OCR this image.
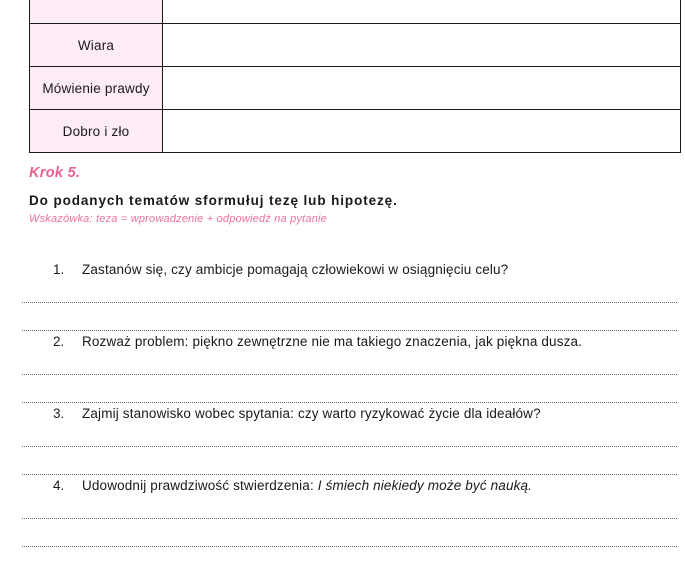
Wiara	
Mówienie prawdy	
Dobro i zło	
Krok 5.
Do podanych tematów sformułuj tezę lub hipotezę.
Wskazówka: teza = wprowadzenie + odpowiedź na pytanie
1.	Zastanów się, czy ambicje pomagają człowiekowi w osiągnięciu celu?
2.	Rozważ problem: piękno zewnętrzne nie ma takiego znaczenia, jak piękna dusza.
3.	Zajmij stanowisko wobec spytania: czy warto ryzykować życie dla ideałów?
4.	Udowodnij prawdziwość stwierdzenia: I śmiech niekiedy może być nauką.
